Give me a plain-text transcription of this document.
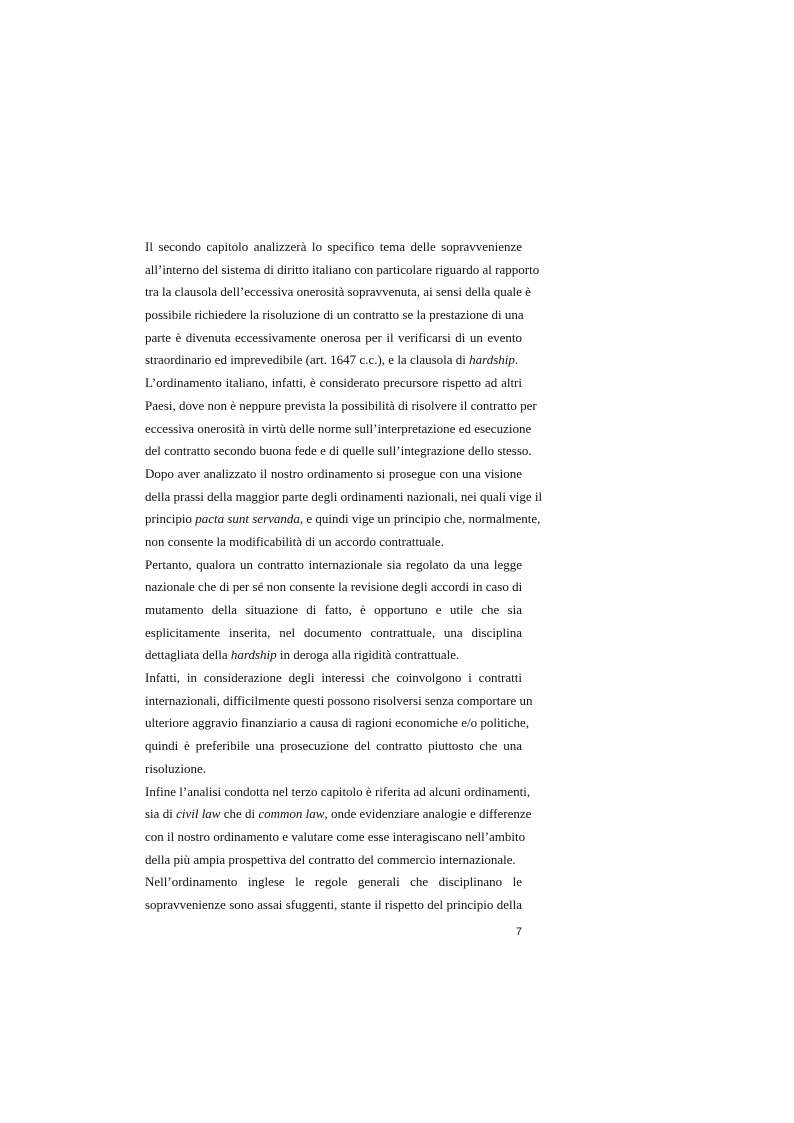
Il secondo capitolo analizzerà lo specifico tema delle sopravvenienze
all’interno del sistema di diritto italiano con particolare riguardo al rapporto
tra la clausola dell’eccessiva onerosità sopravvenuta, ai sensi della quale è
possibile richiedere la risoluzione di un contratto se la prestazione di una
parte è divenuta eccessivamente onerosa per il verificarsi di un evento
straordinario ed imprevedibile (art. 1647 c.c.), e la clausola di hardship.
L’ordinamento italiano, infatti, è considerato precursore rispetto ad altri
Paesi, dove non è neppure prevista la possibilità di risolvere il contratto per
eccessiva onerosità in virtù delle norme sull’interpretazione ed esecuzione
del contratto secondo buona fede e di quelle sull’integrazione dello stesso.
Dopo aver analizzato il nostro ordinamento si prosegue con una visione
della prassi della maggior parte degli ordinamenti nazionali, nei quali vige il
principio pacta sunt servanda, e quindi vige un principio che, normalmente,
non consente la modificabilità di un accordo contrattuale.
Pertanto, qualora un contratto internazionale sia regolato da una legge
nazionale che di per sé non consente la revisione degli accordi in caso di
mutamento della situazione di fatto, è opportuno e utile che sia
esplicitamente inserita, nel documento contrattuale, una disciplina
dettagliata della hardship in deroga alla rigidità contrattuale.
Infatti, in considerazione degli interessi che coinvolgono i contratti
internazionali, difficilmente questi possono risolversi senza comportare un
ulteriore aggravio finanziario a causa di ragioni economiche e/o politiche,
quindi è preferibile una prosecuzione del contratto piuttosto che una
risoluzione.
Infine l’analisi condotta nel terzo capitolo è riferita ad alcuni ordinamenti,
sia di civil law che di common law, onde evidenziare analogie e differenze
con il nostro ordinamento e valutare come esse interagiscano nell’ambito
della più ampia prospettiva del contratto del commercio internazionale.
Nell’ordinamento inglese le regole generali che disciplinano le
sopravvenienze sono assai sfuggenti, stante il rispetto del principio della
7
